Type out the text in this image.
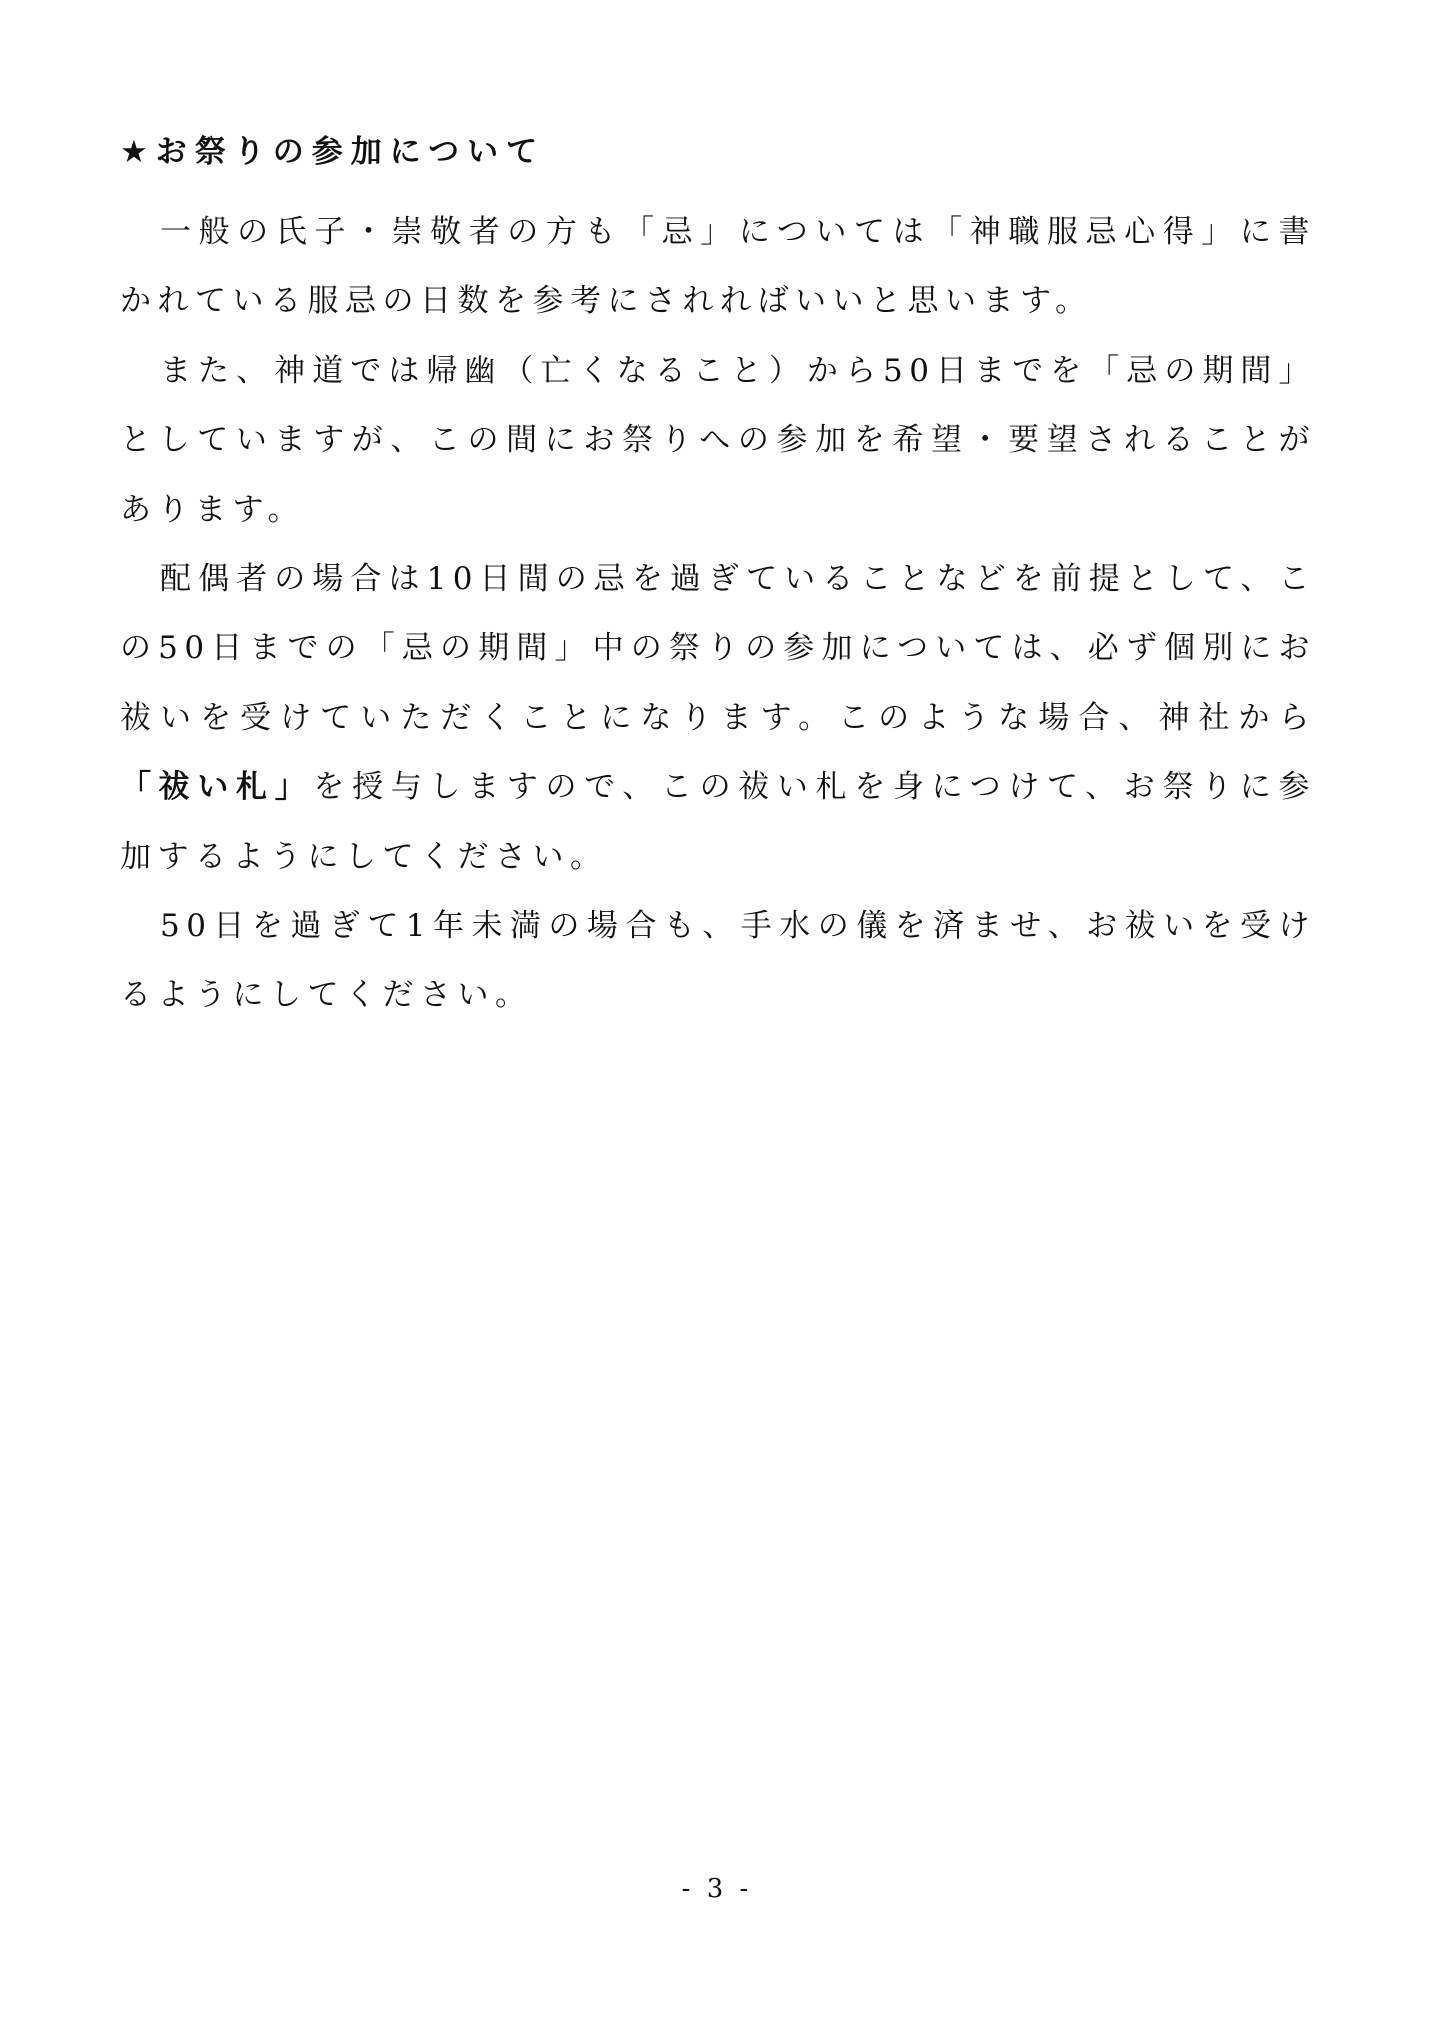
★お祭りの参加について

一般の氏子・崇敬者の方も「忌」については「神職服忌心得」に書かれている服忌の日数を参考にされればいいと思います。

また、神道では帰幽（亡くなること）から50日までを「忌の期間」としていますが、この間にお祭りへの参加を希望・要望されることがあります。

配偶者の場合は10日間の忌を過ぎていることなどを前提として、この50日までの「忌の期間」中の祭りの参加については、必ず個別にお祓いを受けていただくことになります。このような場合、神社から「祓い札」を授与しますので、この祓い札を身につけて、お祭りに参加するようにしてください。

50日を過ぎて1年未満の場合も、手水の儀を済ませ、お祓いを受けるようにしてください。

- 3 -
